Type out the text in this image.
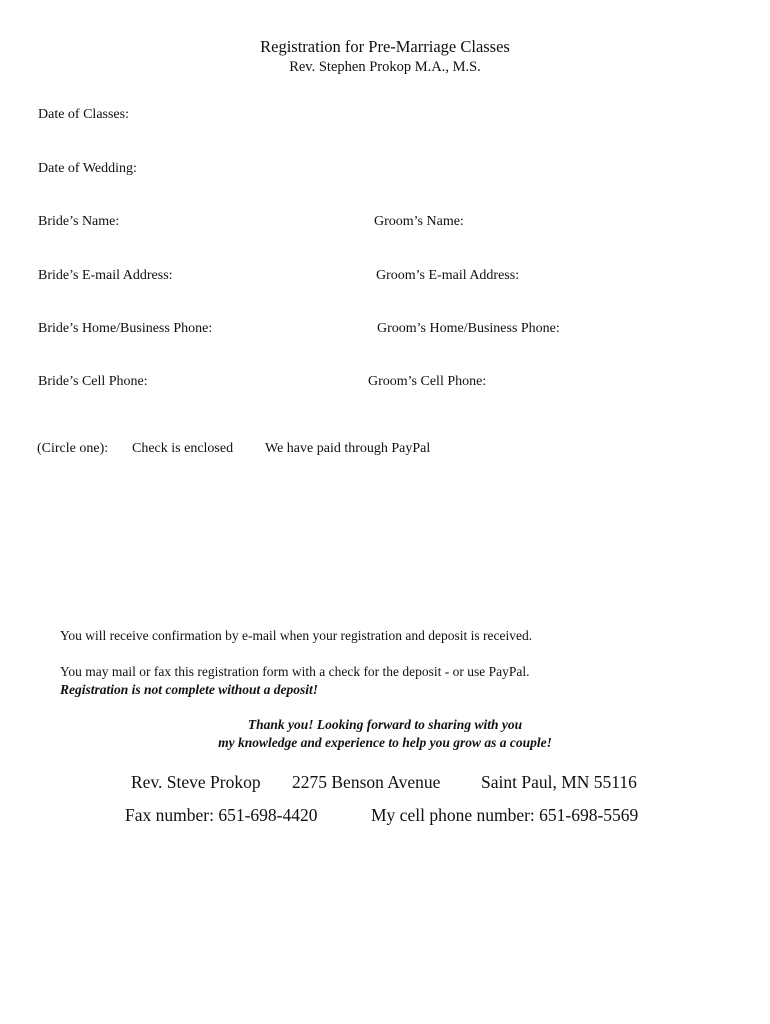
Registration for Pre-Marriage Classes
Rev. Stephen Prokop M.A., M.S.
Date of Classes:
Date of Wedding:
Bride’s Name:	Groom’s Name:
Bride’s E-mail Address:	Groom’s E-mail Address:
Bride’s Home/Business Phone:	Groom’s Home/Business Phone:
Bride’s Cell Phone:	Groom’s Cell Phone:
(Circle one): Check is enclosed We have paid through PayPal
You will receive confirmation by e-mail when your registration and deposit is received.
You may mail or fax this registration form with a check for the deposit - or use PayPal.
Registration is not complete without a deposit!
Thank you! Looking forward to sharing with you
my knowledge and experience to help you grow as a couple!
Rev. Steve Prokop 2275 Benson Avenue Saint Paul, MN 55116
Fax number: 651-698-4420	My cell phone number: 651-698-5569
